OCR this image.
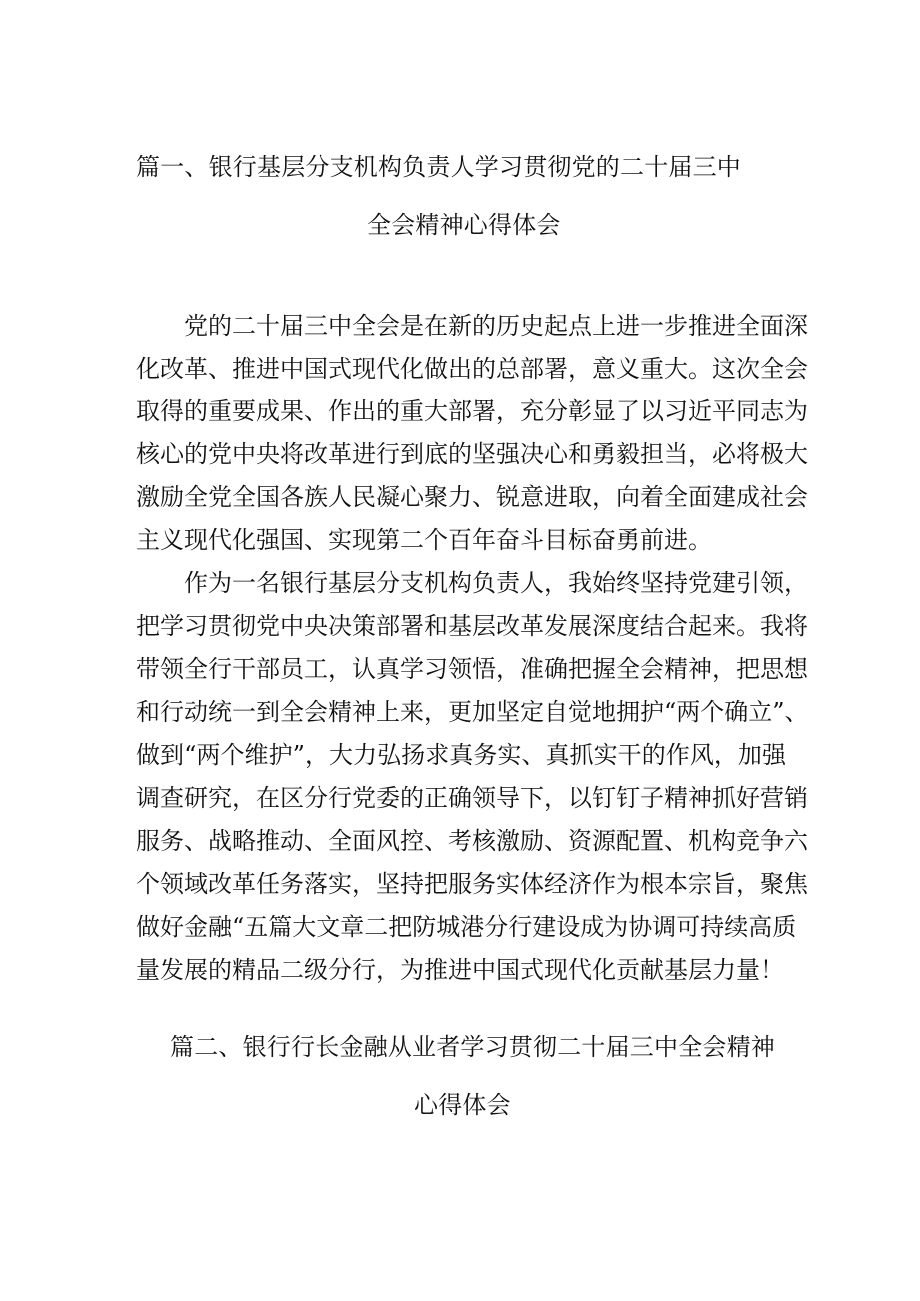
篇一、银行基层分支机构负责人学习贯彻党的二十届三中
全会精神心得体会
党的二十届三中全会是在新的历史起点上进一步推进全面深
化改革、推进中国式现代化做出的总部署，意义重大。这次全会
取得的重要成果、作出的重大部署，充分彰显了以习近平同志为
核心的党中央将改革进行到底的坚强决心和勇毅担当，必将极大
激励全党全国各族人民凝心聚力、锐意进取，向着全面建成社会
主义现代化强国、实现第二个百年奋斗目标奋勇前进。
作为一名银行基层分支机构负责人，我始终坚持党建引领，
把学习贯彻党中央决策部署和基层改革发展深度结合起来。我将
带领全行干部员工，认真学习领悟，准确把握全会精神，把思想
和行动统一到全会精神上来，更加坚定自觉地拥护“两个确立”、
做到“两个维护”，大力弘扬求真务实、真抓实干的作风，加强
调查研究，在区分行党委的正确领导下，以钉钉子精神抓好营销
服务、战略推动、全面风控、考核激励、资源配置、机构竞争六
个领域改革任务落实，坚持把服务实体经济作为根本宗旨，聚焦
做好金融“五篇大文章二把防城港分行建设成为协调可持续高质
量发展的精品二级分行，为推进中国式现代化贡献基层力量！
篇二、银行行长金融从业者学习贯彻二十届三中全会精神
心得体会
